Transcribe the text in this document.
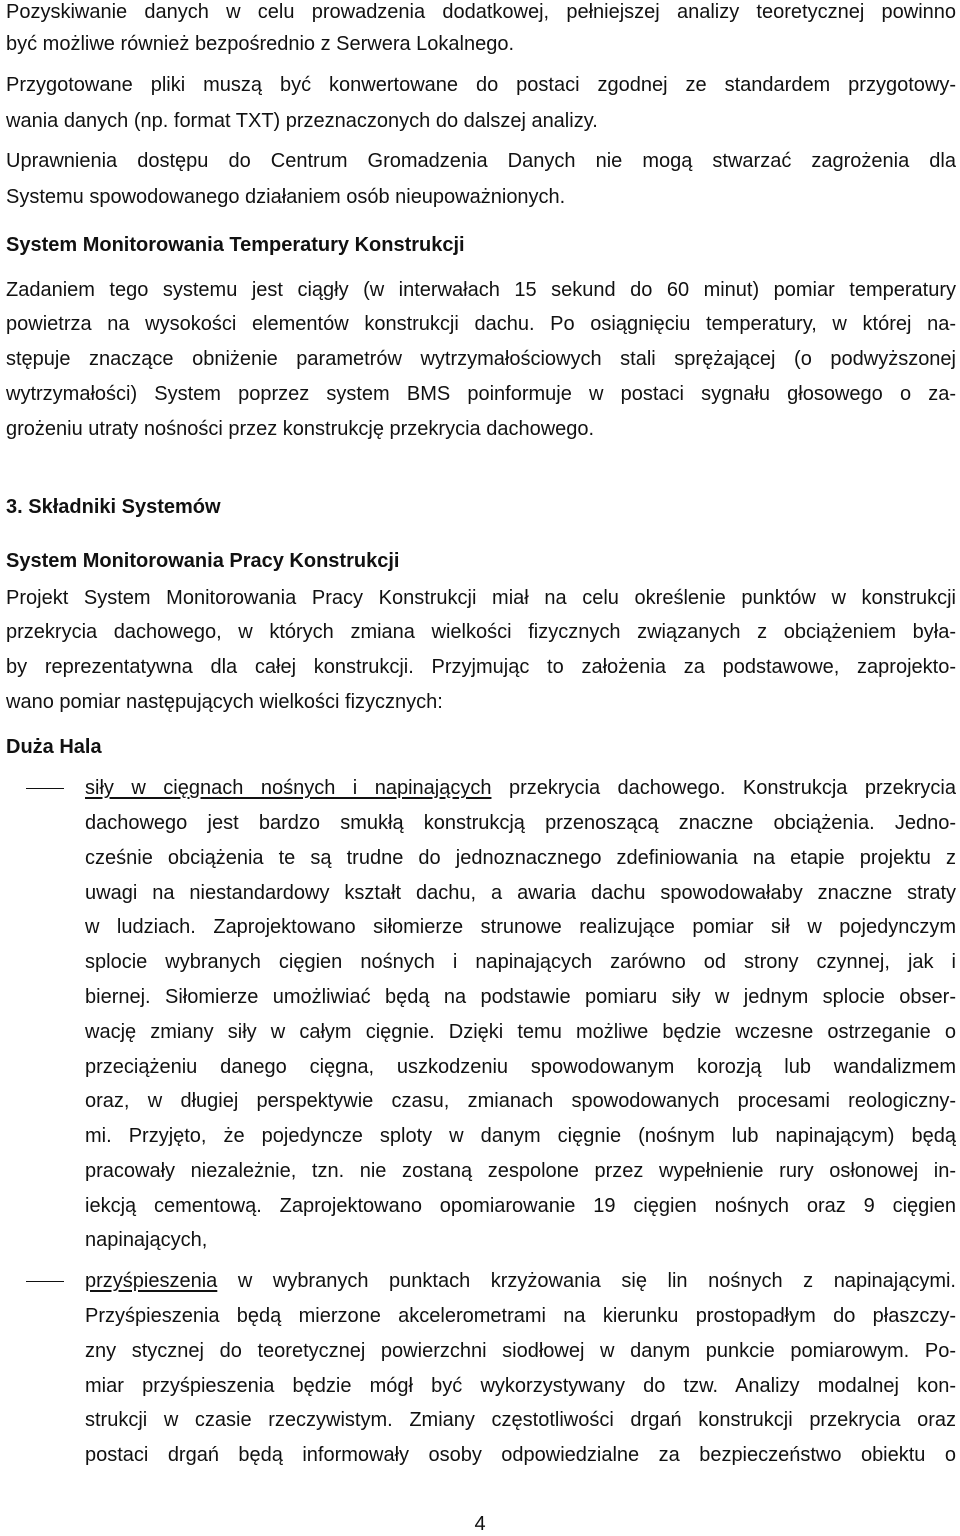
Pozyskiwanie danych w celu prowadzenia dodatkowej, pełniejszej analizy teoretycznej powinno
być możliwe również bezpośrednio z Serwera Lokalnego.
Przygotowane pliki muszą być konwertowane do postaci zgodnej ze standardem przygotowy-
wania danych (np. format TXT) przeznaczonych do dalszej analizy.
Uprawnienia dostępu do Centrum Gromadzenia Danych nie mogą stwarzać zagrożenia dla
Systemu spowodowanego działaniem osób nieupoważnionych.
System Monitorowania Temperatury Konstrukcji
Zadaniem tego systemu jest ciągły (w interwałach 15 sekund do 60 minut) pomiar temperatury
powietrza na wysokości elementów konstrukcji dachu. Po osiągnięciu temperatury, w której na-
stępuje znaczące obniżenie parametrów wytrzymałościowych stali sprężającej (o podwyższonej
wytrzymałości) System poprzez system BMS poinformuje w postaci sygnału głosowego o za-
grożeniu utraty nośności przez konstrukcję przekrycia dachowego.
3. Składniki Systemów
System Monitorowania Pracy Konstrukcji
Projekt System Monitorowania Pracy Konstrukcji miał na celu określenie punktów w konstrukcji
przekrycia dachowego, w których zmiana wielkości fizycznych związanych z obciążeniem była-
by reprezentatywna dla całej konstrukcji. Przyjmując to założenia za podstawowe, zaprojekto-
wano pomiar następujących wielkości fizycznych:
Duża Hala
siły w cięgnach nośnych i napinających przekrycia dachowego. Konstrukcja przekrycia
dachowego jest bardzo smukłą konstrukcją przenoszącą znaczne obciążenia. Jedno-
cześnie obciążenia te są trudne do jednoznacznego zdefiniowania na etapie projektu z
uwagi na niestandardowy kształt dachu, a awaria dachu spowodowałaby znaczne straty
w ludziach. Zaprojektowano siłomierze strunowe realizujące pomiar sił w pojedynczym
splocie wybranych cięgien nośnych i napinających zarówno od strony czynnej, jak i
biernej. Siłomierze umożliwiać będą na podstawie pomiaru siły w jednym splocie obser-
wację zmiany siły w całym cięgnie. Dzięki temu możliwe będzie wczesne ostrzeganie o
przeciążeniu danego cięgna, uszkodzeniu spowodowanym korozją lub wandalizmem
oraz, w długiej perspektywie czasu, zmianach spowodowanych procesami reologiczny-
mi. Przyjęto, że pojedyncze sploty w danym cięgnie (nośnym lub napinającym) będą
pracowały niezależnie, tzn. nie zostaną zespolone przez wypełnienie rury osłonowej in-
iekcją cementową. Zaprojektowano opomiarowanie 19 cięgien nośnych oraz 9 cięgien
napinających,
przyśpieszenia w wybranych punktach krzyżowania się lin nośnych z napinającymi.
Przyśpieszenia będą mierzone akcelerometrami na kierunku prostopadłym do płaszczy-
zny stycznej do teoretycznej powierzchni siodłowej w danym punkcie pomiarowym. Po-
miar przyśpieszenia będzie mógł być wykorzystywany do tzw. Analizy modalnej kon-
strukcji w czasie rzeczywistym. Zmiany częstotliwości drgań konstrukcji przekrycia oraz
postaci drgań będą informowały osoby odpowiedzialne za bezpieczeństwo obiektu o
4
